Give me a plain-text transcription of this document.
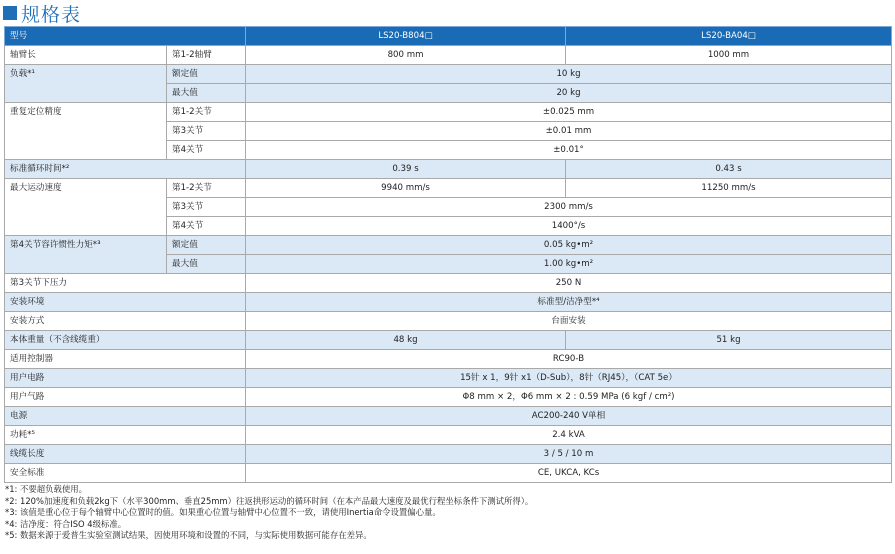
规格表
型号		LS20-B804□	LS20-BA04□
轴臂长	第1-2轴臂	800 mm	1000 mm
负载*¹	额定值	10 kg	
	最大值	20 kg	
重复定位精度	第1-2关节	±0.025 mm	
	第3关节	±0.01 mm	
	第4关节	±0.01°	
标准循环时间*²		0.39 s	0.43 s
最大运动速度	第1-2关节	9940 mm/s	11250 mm/s
	第3关节	2300 mm/s	
	第4关节	1400°/s	
第4关节容许惯性力矩*³	额定值	0.05 kg•m²	
	最大值	1.00 kg•m²	
第3关节下压力		250 N	
安装环境		标准型/洁净型*⁴	
安装方式		台面安装	
本体重量（不含线缆重）		48 kg	51 kg
适用控制器		RC90-B	
用户电路		15针 x 1，9针 x1（D-Sub），8针（RJ45），（CAT 5e）	
用户气路		Φ8 mm × 2，Φ6 mm × 2 : 0.59 MPa (6 kgf / cm²)	
电源		AC200-240 V单相	
功耗*⁵		2.4 kVA	
线缆长度		3 / 5 / 10 m	
安全标准		CE, UKCA, KCs	
*1: 不要超负载使用。
*2: 120%加速度和负载2kg下（水平300mm、垂直25mm）往返拱形运动的循环时间（在本产品最大速度及最优行程坐标条件下测试所得）。
*3: 该值是重心位于每个轴臂中心位置时的值。如果重心位置与轴臂中心位置不一致，请使用Inertia命令设置偏心量。
*4: 洁净度：符合ISO 4级标准。
*5: 数据来源于爱普生实验室测试结果，因使用环境和设置的不同，与实际使用数据可能存在差异。
